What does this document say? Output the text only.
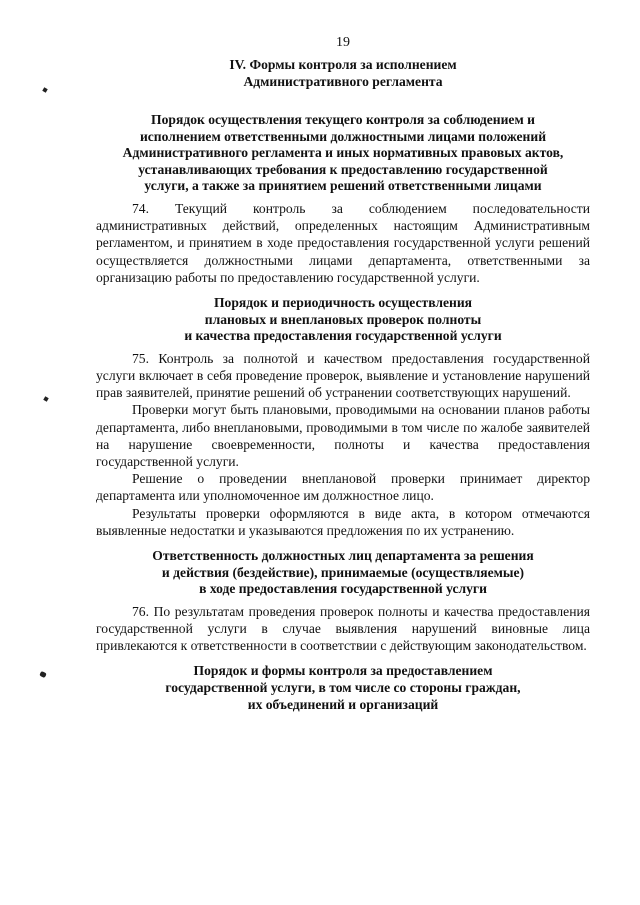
19
IV. Формы контроля за исполнением
Административного регламента
Порядок осуществления текущего контроля за соблюдением и
исполнением ответственными должностными лицами положений
Административного регламента и иных нормативных правовых актов,
устанавливающих требования к предоставлению государственной
услуги, а также за принятием решений ответственными лицами

74. Текущий контроль за соблюдением последовательности административных действий, определенных настоящим Административным регламентом, и принятием в ходе предоставления государственной услуги решений осуществляется должностными лицами департамента, ответственными за организацию работы по предоставлению государственной услуги.

Порядок и периодичность осуществления
плановых и внеплановых проверок полноты
и качества предоставления государственной услуги

75. Контроль за полнотой и качеством предоставления государственной услуги включает в себя проведение проверок, выявление и установление нарушений прав заявителей, принятие решений об устранении соответствующих нарушений.

Проверки могут быть плановыми, проводимыми на основании планов работы департамента, либо внеплановыми, проводимыми в том числе по жалобе заявителей на нарушение своевременности, полноты и качества предоставления государственной услуги.

Решение о проведении внеплановой проверки принимает директор департамента или уполномоченное им должностное лицо.

Результаты проверки оформляются в виде акта, в котором отмечаются выявленные недостатки и указываются предложения по их устранению.

Ответственность должностных лиц департамента за решения
и действия (бездействие), принимаемые (осуществляемые)
в ходе предоставления государственной услуги

76. По результатам проведения проверок полноты и качества предоставления государственной услуги в случае выявления нарушений виновные лица привлекаются к ответственности в соответствии с действующим законодательством.

Порядок и формы контроля за предоставлением
государственной услуги, в том числе со стороны граждан,
их объединений и организаций
